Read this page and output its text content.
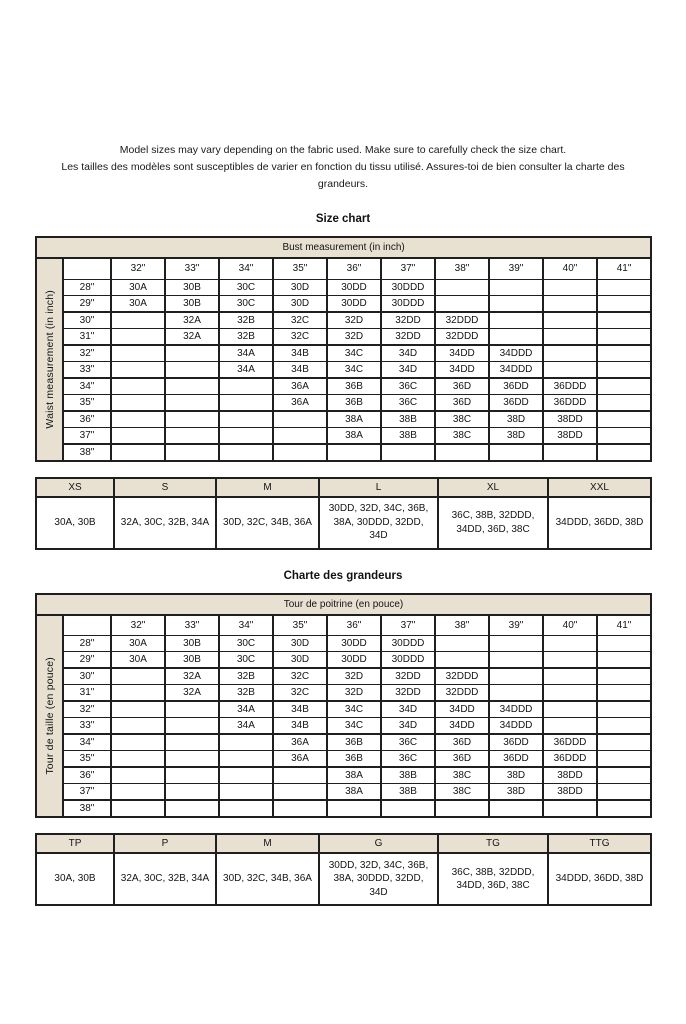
Model sizes may vary depending on the fabric used. Make sure to carefully check the size chart.
Les tailles des modèles sont susceptibles de varier en fonction du tissu utilisé. Assures-toi de bien consulter la charte des grandeurs.
Size chart
Bust measurement (in inch)											

Waist measurement (in inch)		32"	33"	34"	35"	36"	37"	38"	39"	40"	41"
	28"	30A	30B	30C	30D	30DD	30DDD				
	29"	30A	30B	30C	30D	30DD	30DDD				
	30"		32A	32B	32C	32D	32DD	32DDD			
	31"		32A	32B	32C	32D	32DD	32DDD			
	32"			34A	34B	34C	34D	34DD	34DDD		
	33"			34A	34B	34C	34D	34DD	34DDD		
	34"				36A	36B	36C	36D	36DD	36DDD	
	35"				36A	36B	36C	36D	36DD	36DDD	
	36"					38A	38B	38C	38D	38DD	
	37"					38A	38B	38C	38D	38DD	
	38"										
XS	S	M	L	XL	XXL
30A, 30B	32A, 30C, 32B, 34A	30D, 32C, 34B, 36A	30DD, 32D, 34C, 36B, 38A, 30DDD, 32DD, 34D	36C, 38B, 32DDD, 34DD, 36D, 38C	34DDD, 36DD, 38D
Charte des grandeurs
Tour de poitrine (en pouce)											

Tour de taille (en pouce)		32"	33"	34"	35"	36"	37"	38"	39"	40"	41"
	28"	30A	30B	30C	30D	30DD	30DDD				
	29"	30A	30B	30C	30D	30DD	30DDD				
	30"		32A	32B	32C	32D	32DD	32DDD			
	31"		32A	32B	32C	32D	32DD	32DDD			
	32"			34A	34B	34C	34D	34DD	34DDD		
	33"			34A	34B	34C	34D	34DD	34DDD		
	34"				36A	36B	36C	36D	36DD	36DDD	
	35"				36A	36B	36C	36D	36DD	36DDD	
	36"					38A	38B	38C	38D	38DD	
	37"					38A	38B	38C	38D	38DD	
	38"										
TP	P	M	G	TG	TTG
30A, 30B	32A, 30C, 32B, 34A	30D, 32C, 34B, 36A	30DD, 32D, 34C, 36B, 38A, 30DDD, 32DD, 34D	36C, 38B, 32DDD, 34DD, 36D, 38C	34DDD, 36DD, 38D
